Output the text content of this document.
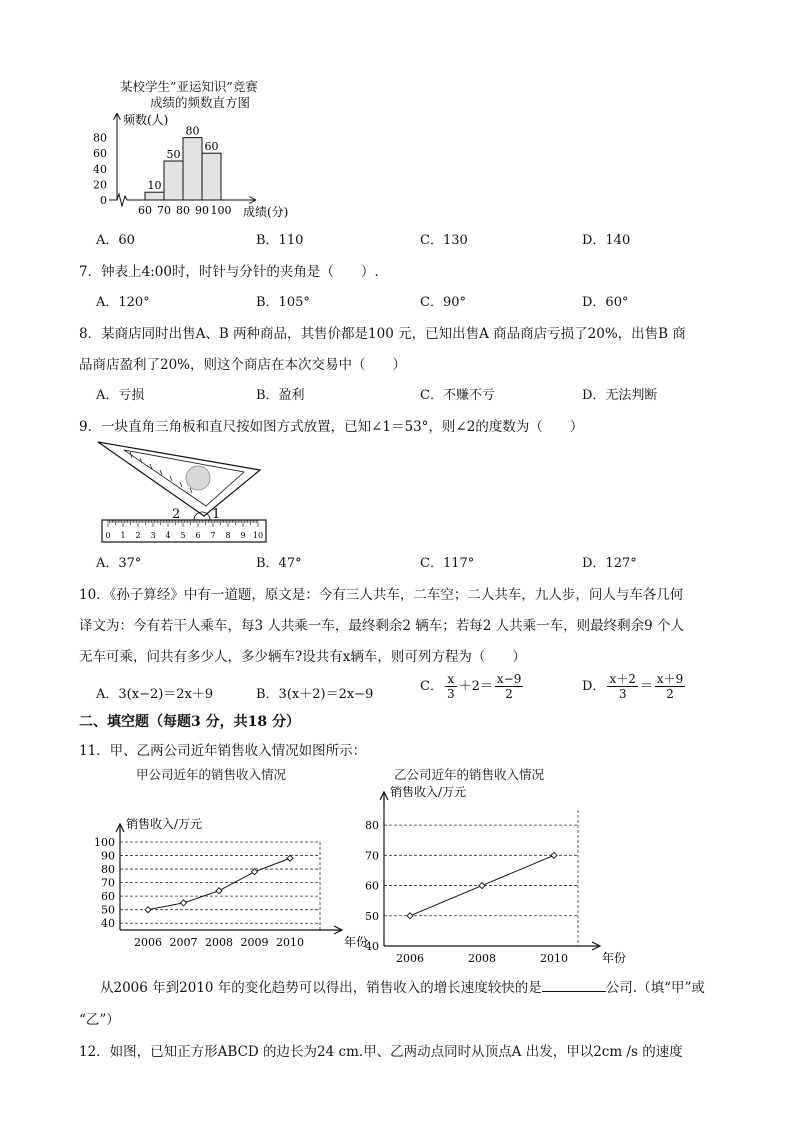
某校学生”亚运知识”竞赛
成绩的频数直方图
频数(人)
80
60
40
20
0
10
50
80
60
60 70 80 90 100 成绩(分)
A．60	B．110	C．130	D．140
7．钟表上4:00时，时针与分针的夹角是（　　）.
A．120°	B．105°	C．90°	D．60°
8．某商店同时出售A、B 两种商品，其售价都是100 元，已知出售A 商品商店亏损了20%，出售B 商
品商店盈利了20%，则这个商店在本次交易中（　　）
A．亏损	B．盈利	C．不赚不亏	D．无法判断
9．一块直角三角板和直尺按如图方式放置，已知∠1＝53°，则∠2的度数为（　　）
0 1 2 3 4 5 6 7 8 9 10
2 1
A．37°	B．47°	C．117°	D．127°
10．《孙子算经》中有一道题，原文是：今有三人共车，二车空；二人共车，九人步，问人与车各几何
译文为：今有若干人乘车，每3 人共乘一车，最终剩余2 辆车；若每2 人共乘一车，则最终剩余9 个人
无车可乘，问共有多少人，多少辆车?设共有x辆车，则可列方程为（　　）
A．3(x−2)＝2x＋9	B．3(x＋2)＝2x−9
C． $\frac{x}{3} +2= \frac{x-9}{2}$	D． $\frac{x+2}{3} = \frac{x+9}{2}$
二、填空题（每题3 分，共18 分）
11．甲、乙两公司近年销售收入情况如图所示：
甲公司近年的销售收入情况
100
90
80
70
60
50
40
销售收入/万元
年份
2006 2007 2008 2009 2010
乙公司近年的销售收入情况
80
70
60
50
40
销售收入/万元
年份
2006	2008	2010
从2006 年到2010 年的变化趋势可以得出，销售收入的增长速度较快的是	公司.（填“甲”或
“乙”）
12．如图，已知正方形ABCD 的边长为24 cm.甲、乙两动点同时从顶点A 出发，甲以2cm /s 的速度
